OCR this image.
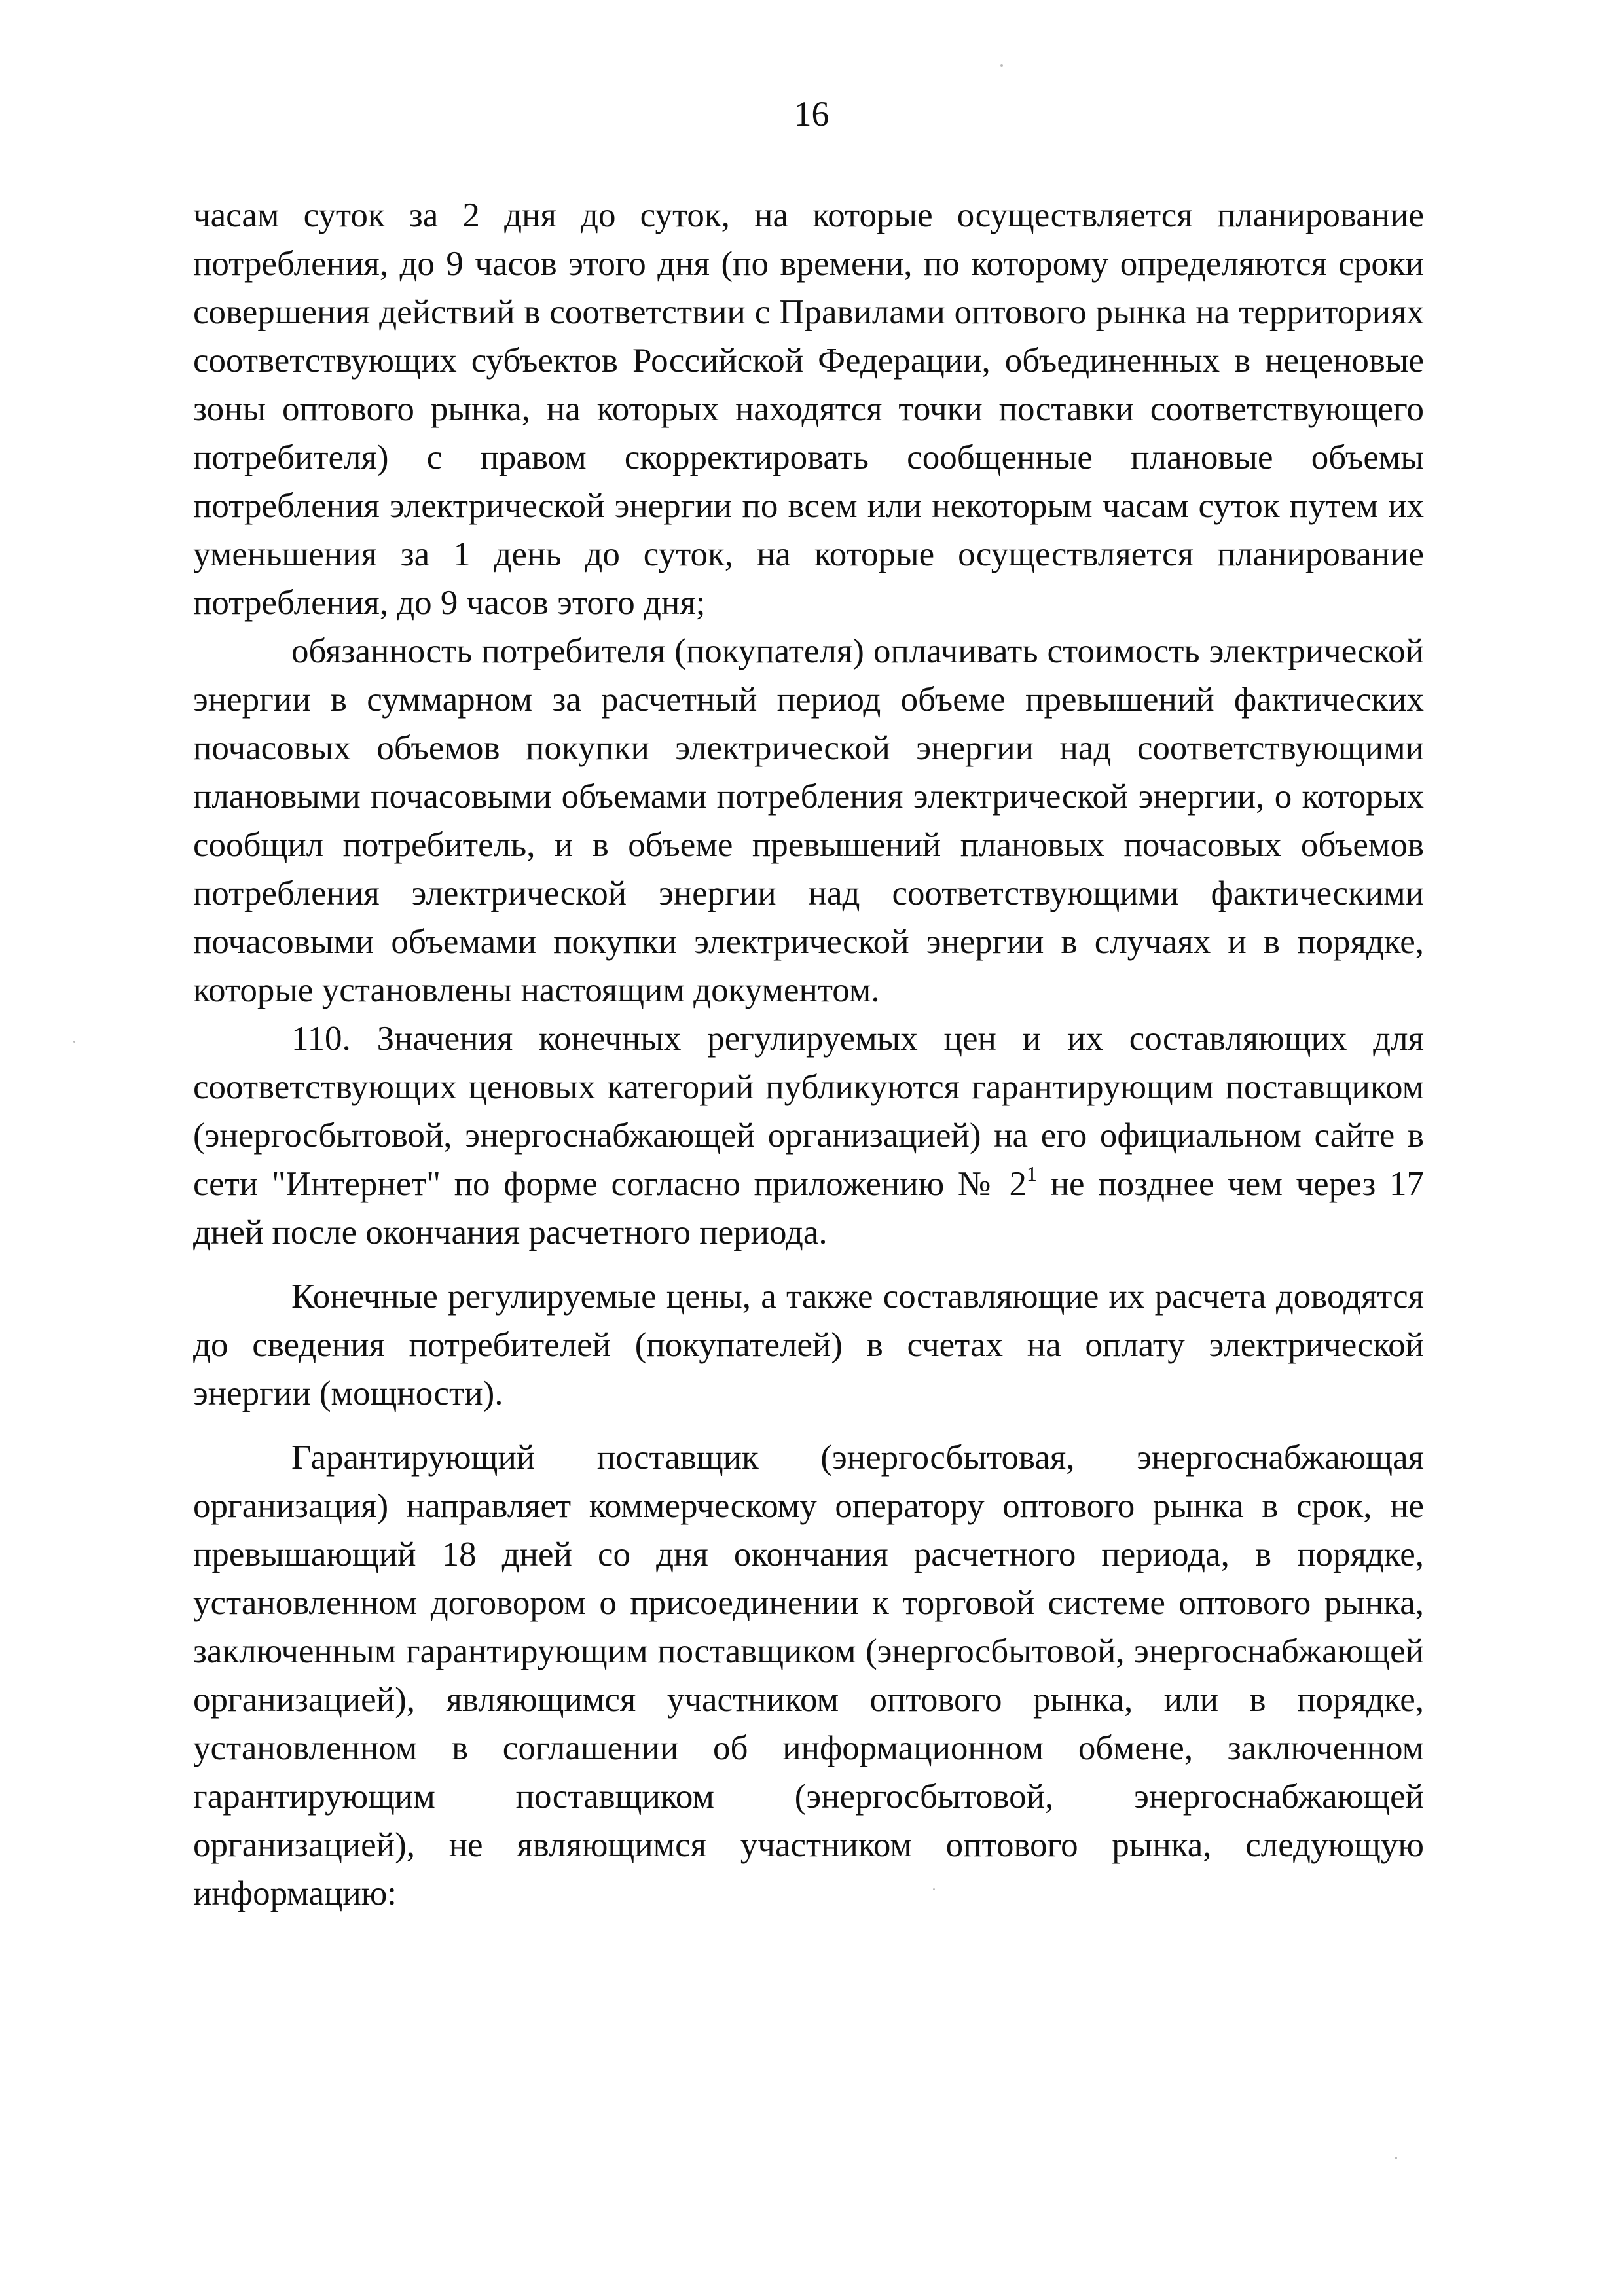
16

часам суток за 2 дня до суток, на которые осуществляется планирование потребления, до 9 часов этого дня (по времени, по которому определяются сроки совершения действий в соответствии с Правилами оптового рынка на территориях соответствующих субъектов Российской Федерации, объединенных в неценовые зоны оптового рынка, на которых находятся точки поставки соответствующего потребителя) с правом скорректировать сообщенные плановые объемы потребления электрической энергии по всем или некоторым часам суток путем их уменьшения за 1 день до суток, на которые осуществляется планирование потребления, до 9 часов этого дня;

обязанность потребителя (покупателя) оплачивать стоимость электрической энергии в суммарном за расчетный период объеме превышений фактических почасовых объемов покупки электрической энергии над соответствующими плановыми почасовыми объемами потребления электрической энергии, о которых сообщил потребитель, и в объеме превышений плановых почасовых объемов потребления электрической энергии над соответствующими фактическими почасовыми объемами покупки электрической энергии в случаях и в порядке, которые установлены настоящим документом.

110. Значения конечных регулируемых цен и их составляющих для соответствующих ценовых категорий публикуются гарантирующим поставщиком (энергосбытовой, энергоснабжающей организацией) на его официальном сайте в сети "Интернет" по форме согласно приложению № $2^1$ не позднее чем через 17 дней после окончания расчетного периода.

Конечные регулируемые цены, а также составляющие их расчета доводятся до сведения потребителей (покупателей) в счетах на оплату электрической энергии (мощности).

Гарантирующий поставщик (энергосбытовая, энергоснабжающая организация) направляет коммерческому оператору оптового рынка в срок, не превышающий 18 дней со дня окончания расчетного периода, в порядке, установленном договором о присоединении к торговой системе оптового рынка, заключенным гарантирующим поставщиком (энергосбытовой, энергоснабжающей организацией), являющимся участником оптового рынка, или в порядке, установленном в соглашении об информационном обмене, заключенном гарантирующим поставщиком (энергосбытовой, энергоснабжающей организацией), не являющимся участником оптового рынка, следующую информацию:
